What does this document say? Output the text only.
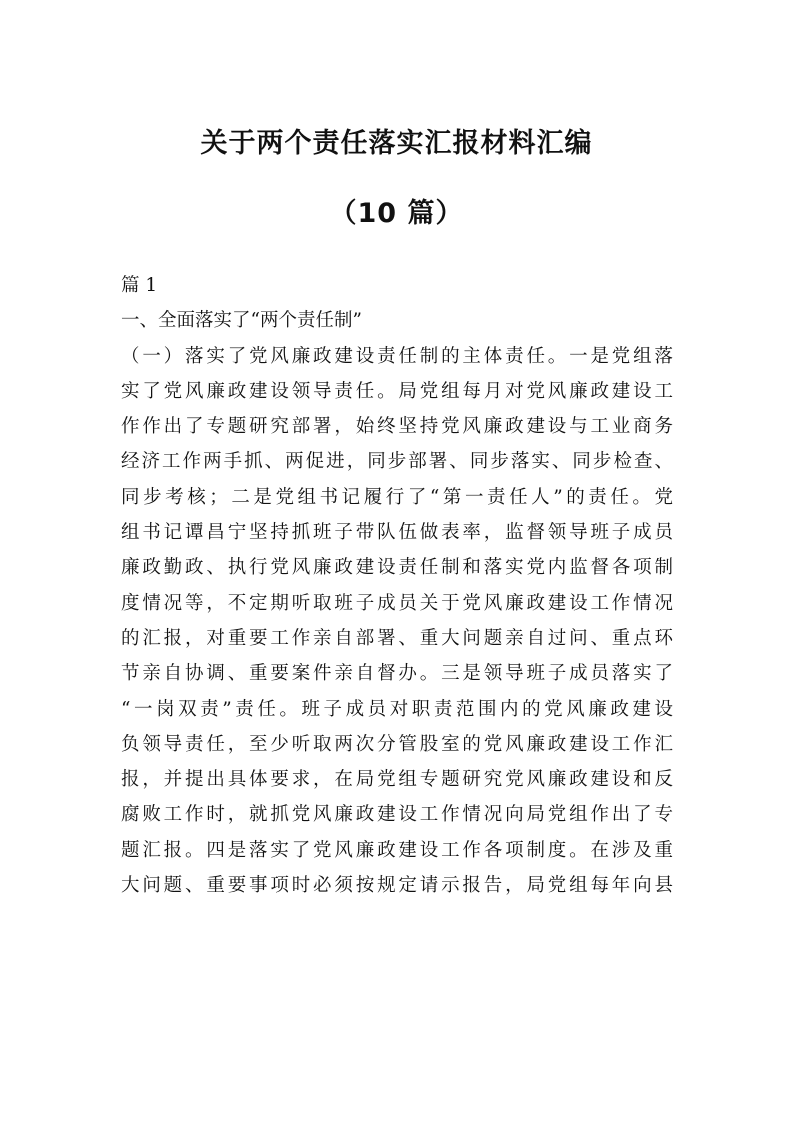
关于两个责任落实汇报材料汇编
（10 篇）

篇 1

一、全面落实了“两个责任制”

（一）落实了党风廉政建设责任制的主体责任。一是党组落

实了党风廉政建设领导责任。局党组每月对党风廉政建设工

作作出了专题研究部署，始终坚持党风廉政建设与工业商务

经济工作两手抓、两促进，同步部署、同步落实、同步检查、

同步考核；二是党组书记履行了“第一责任人”的责任。党

组书记谭昌宁坚持抓班子带队伍做表率，监督领导班子成员

廉政勤政、执行党风廉政建设责任制和落实党内监督各项制

度情况等，不定期听取班子成员关于党风廉政建设工作情况

的汇报，对重要工作亲自部署、重大问题亲自过问、重点环

节亲自协调、重要案件亲自督办。三是领导班子成员落实了

“一岗双责”责任。班子成员对职责范围内的党风廉政建设

负领导责任，至少听取两次分管股室的党风廉政建设工作汇

报，并提出具体要求，在局党组专题研究党风廉政建设和反

腐败工作时，就抓党风廉政建设工作情况向局党组作出了专

题汇报。四是落实了党风廉政建设工作各项制度。在涉及重

大问题、重要事项时必须按规定请示报告，局党组每年向县
